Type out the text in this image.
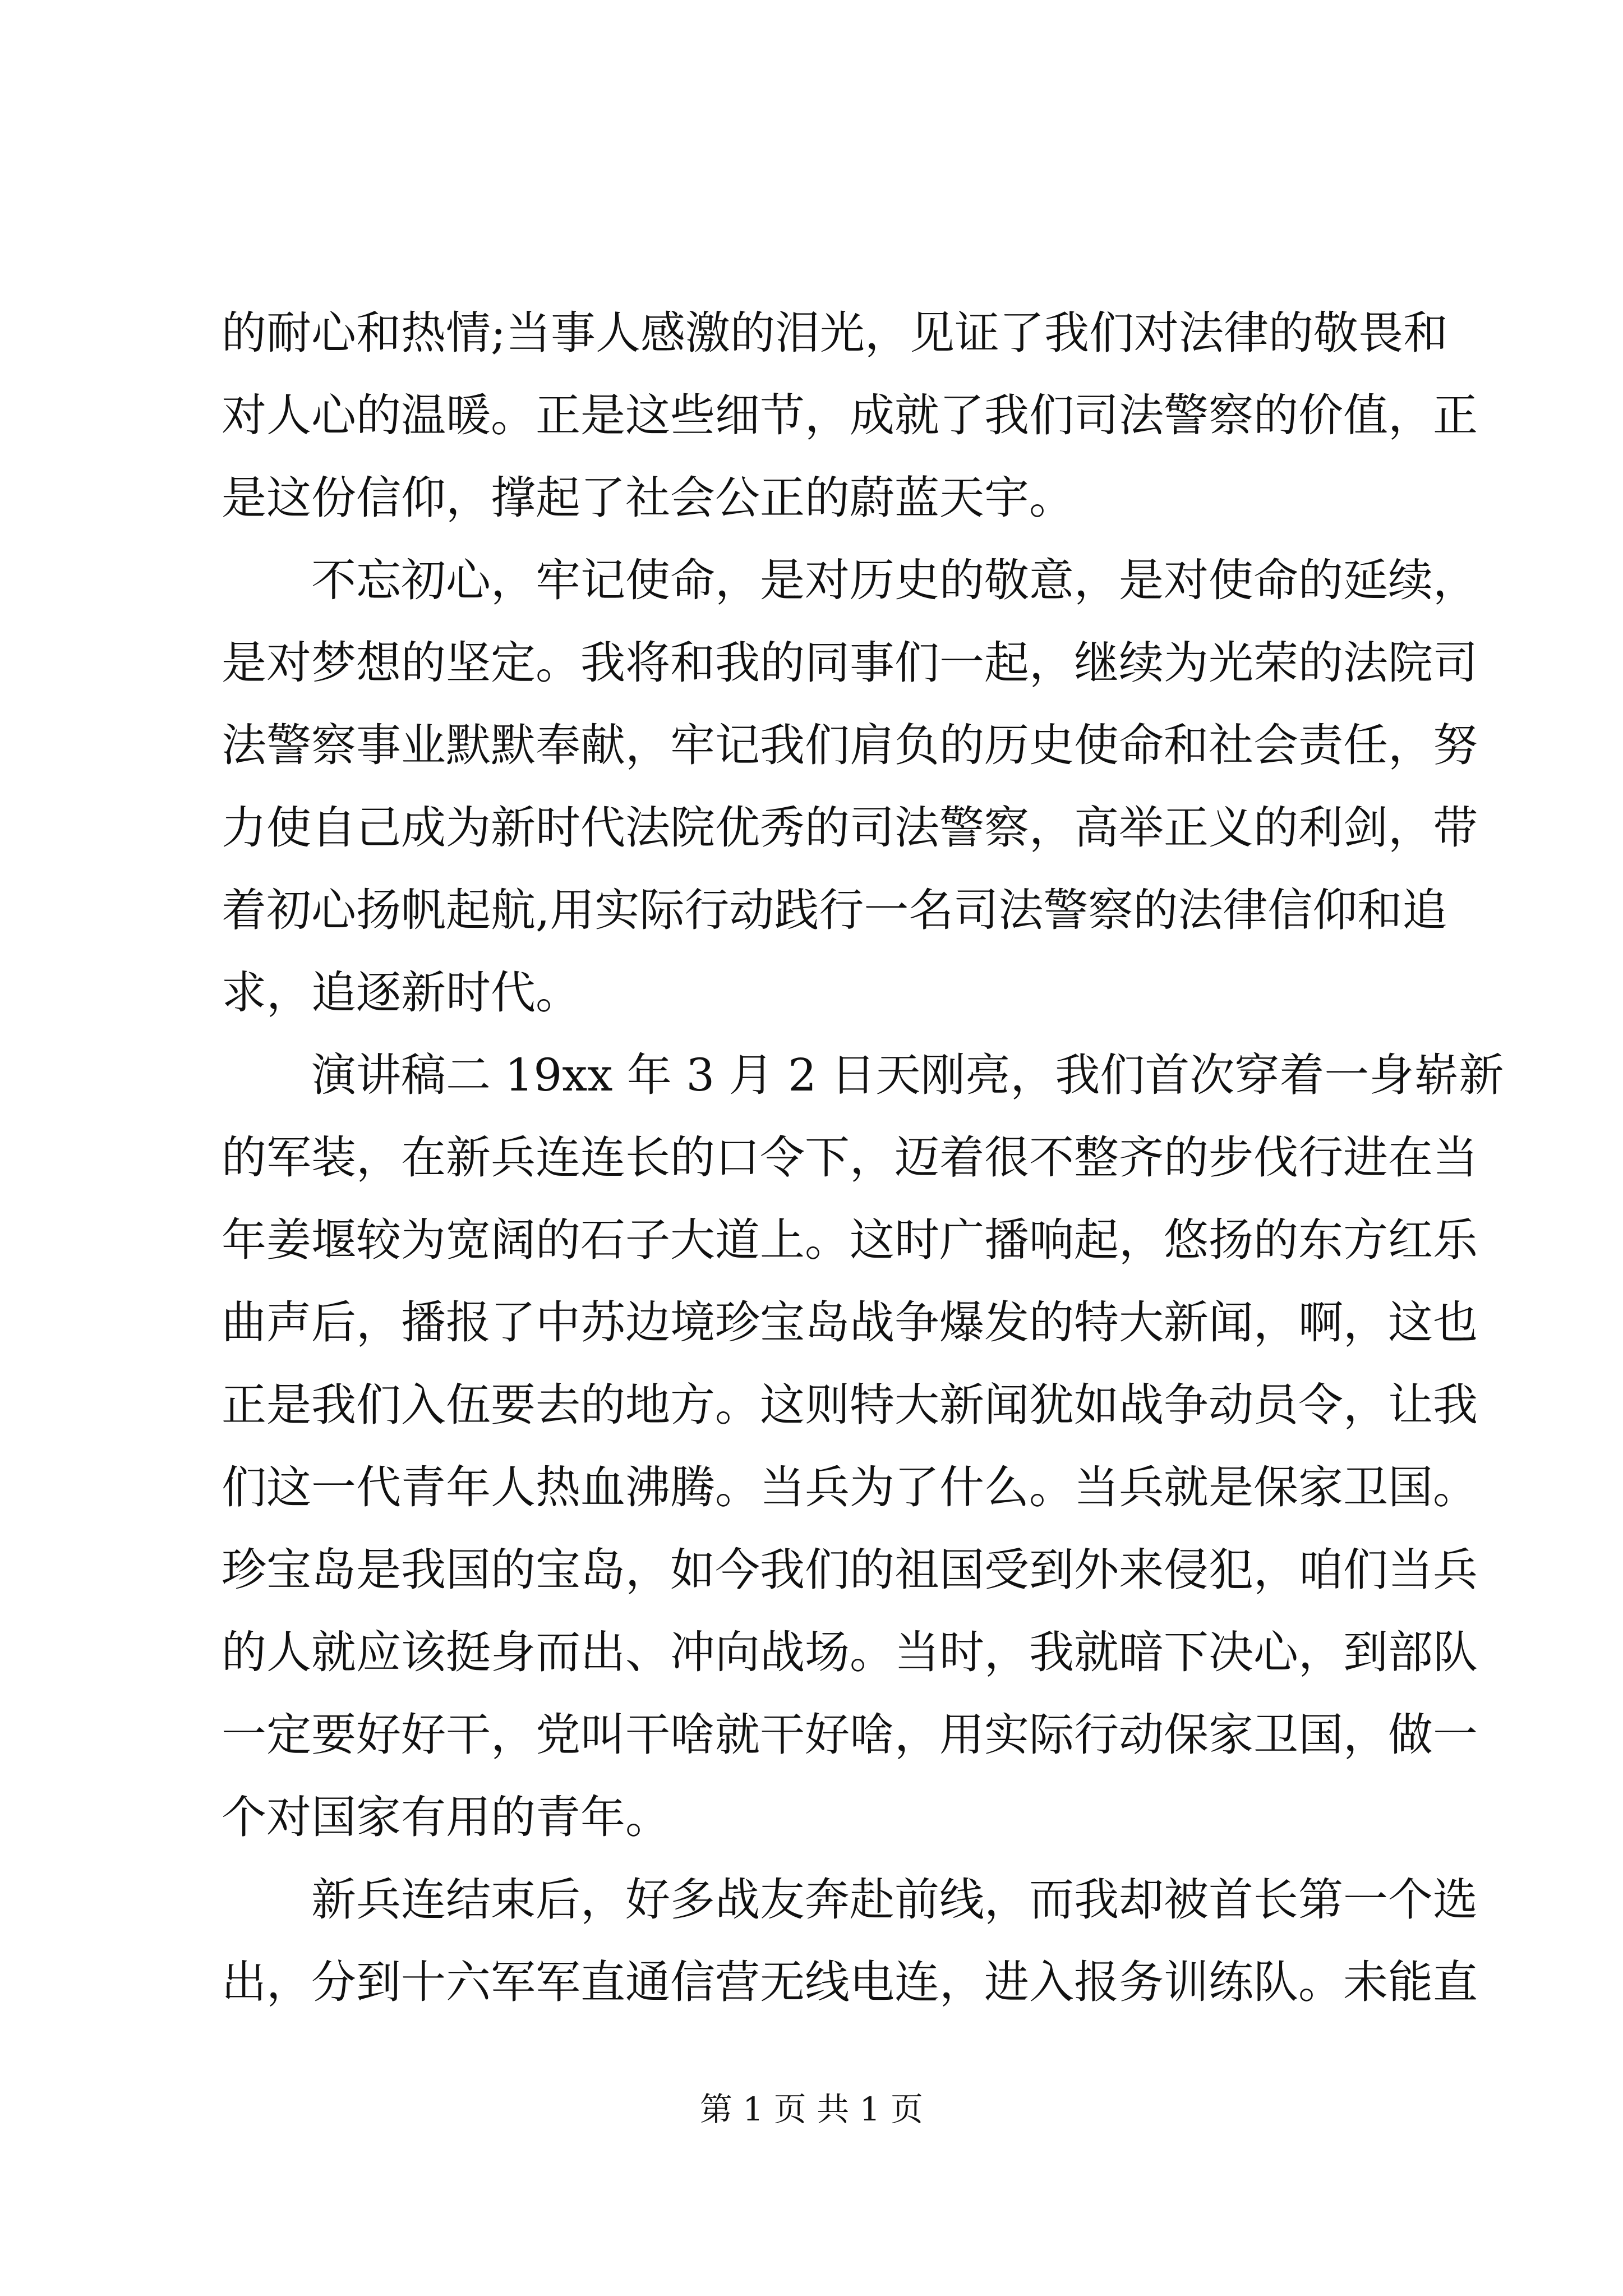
的耐心和热情;当事人感激的泪光，见证了我们对法律的敬畏和
对人心的温暖。正是这些细节，成就了我们司法警察的价值，正
是这份信仰，撑起了社会公正的蔚蓝天宇。
　　不忘初心，牢记使命，是对历史的敬意，是对使命的延续，
是对梦想的坚定。我将和我的同事们一起，继续为光荣的法院司
法警察事业默默奉献，牢记我们肩负的历史使命和社会责任，努
力使自己成为新时代法院优秀的司法警察，高举正义的利剑，带
着初心扬帆起航,用实际行动践行一名司法警察的法律信仰和追
求，追逐新时代。
　　演讲稿二 19xx 年 3 月 2 日天刚亮，我们首次穿着一身崭新
的军装，在新兵连连长的口令下，迈着很不整齐的步伐行进在当
年姜堰较为宽阔的石子大道上。这时广播响起，悠扬的东方红乐
曲声后，播报了中苏边境珍宝岛战争爆发的特大新闻，啊，这也
正是我们入伍要去的地方。这则特大新闻犹如战争动员令，让我
们这一代青年人热血沸腾。当兵为了什么。当兵就是保家卫国。
珍宝岛是我国的宝岛，如今我们的祖国受到外来侵犯，咱们当兵
的人就应该挺身而出、冲向战场。当时，我就暗下决心，到部队
一定要好好干，党叫干啥就干好啥，用实际行动保家卫国，做一
个对国家有用的青年。
　　新兵连结束后，好多战友奔赴前线，而我却被首长第一个选
出，分到十六军军直通信营无线电连，进入报务训练队。未能直
第 1 页 共 1 页
